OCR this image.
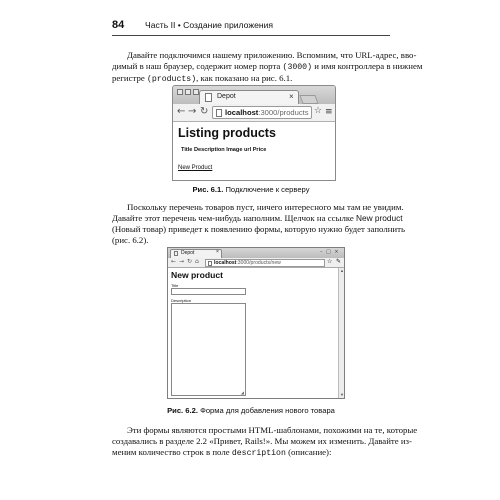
84 Часть II • Создание приложения

Давайте подключимся нашему приложению. Вспомним, что URL-адрес, вво-

димый в наш браузер, содержит номер порта (3000) и имя контроллера в нижнем
регистре (products), как показано на рис. 6.1.
Depot	×
← → ↻ localhost:3000/products ☆ ≡
Listing products
Title Description Image url Price
New Product
Рис. 6.1. Подключение к серверу

Поскольку перечень товаров пуст, ничего интересного мы там не увидим.

Давайте этот перечень чем-нибудь наполним. Щелчок на ссылке New product
(Новый товар) приведет к появлению формы, которую нужно будет заполнить
(рис. 6.2).
Depot	×	– □ ×
← → ↻ ⌂	localhost:3000/products/new	☆ ✎
▲
▼
New product
Title
Description
◢
Рис. 6.2. Форма для добавления нового товара

Эти формы являются простыми HTML-шаблонами, похожими на те, которые

создавались в разделе 2.2 «Привет, Rails!». Мы можем их изменить. Давайте из-
меним количество строк в поле description (описание):
